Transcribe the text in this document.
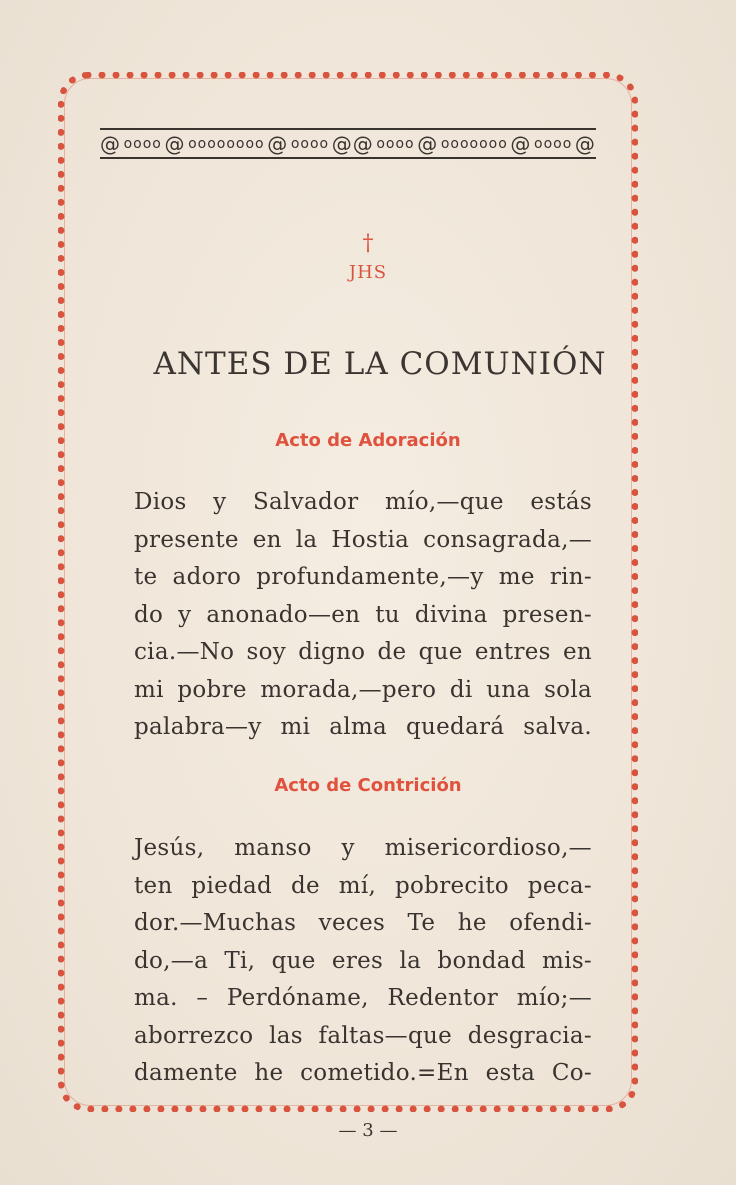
@ oooo @ oooooooo @ oooo @@ oooo @ ooooooo @ oooo @
†
JHS
ANTES DE LA COMUNIÓN
Acto de Adoración
Dios y Salvador mío,—que estás
presente en la Hostia consagrada,—
te adoro profundamente,—y me rin-
do y anonado—en tu divina presen-
cia.—No soy digno de que entres en
mi pobre morada,—pero di una sola
palabra—y mi alma quedará salva.
Acto de Contrición
Jesús, manso y misericordioso,—
ten piedad de mí, pobrecito peca-
dor.—Muchas veces Te he ofendi-
do,—a Ti, que eres la bondad mis-
ma. – Perdóname, Redentor mío;—
aborrezco las faltas—que desgracia-
damente he cometido.=En esta Co-
— 3 —
